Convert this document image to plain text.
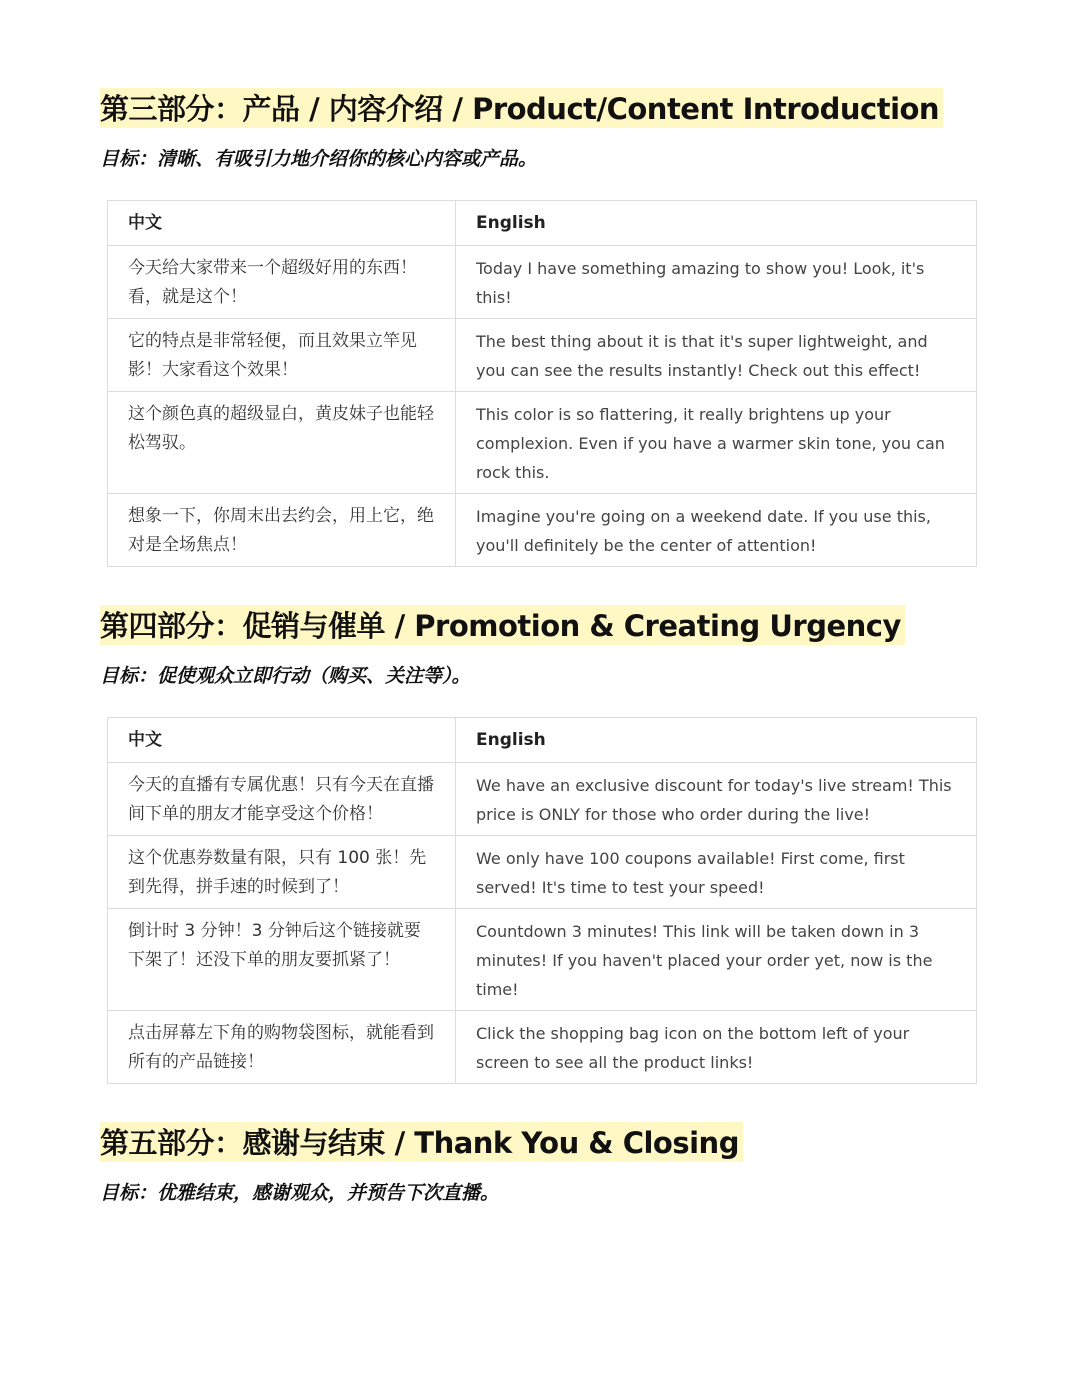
第三部分：产品 / 内容介绍 / Product/Content Introduction

目标：清晰、有吸引力地介绍你的核心内容或产品。

中文	English
今天给大家带来一个超级好用的东西！看，就是这个！	Today I have something amazing to show you! Look, it's this!
它的特点是非常轻便，而且效果立竿见影！大家看这个效果！	The best thing about it is that it's super lightweight, and you can see the results instantly! Check out this effect!
这个颜色真的超级显白，黄皮妹子也能轻松驾驭。	This color is so flattering, it really brightens up your complexion. Even if you have a warmer skin tone, you can rock this.
想象一下，你周末出去约会，用上它，绝对是全场焦点！	Imagine you're going on a weekend date. If you use this, you'll definitely be the center of attention!
第四部分：促销与催单 / Promotion & Creating Urgency

目标：促使观众立即行动（购买、关注等）。

中文	English
今天的直播有专属优惠！只有今天在直播间下单的朋友才能享受这个价格！	We have an exclusive discount for today's live stream! This price is ONLY for those who order during the live!
这个优惠券数量有限，只有 100 张！先到先得，拼手速的时候到了！	We only have 100 coupons available! First come, first served! It's time to test your speed!
倒计时 3 分钟！3 分钟后这个链接就要下架了！还没下单的朋友要抓紧了！	Countdown 3 minutes! This link will be taken down in 3 minutes! If you haven't placed your order yet, now is the time!
点击屏幕左下角的购物袋图标，就能看到所有的产品链接！	Click the shopping bag icon on the bottom left of your screen to see all the product links!
第五部分：感谢与结束 / Thank You & Closing

目标：优雅结束，感谢观众，并预告下次直播。
